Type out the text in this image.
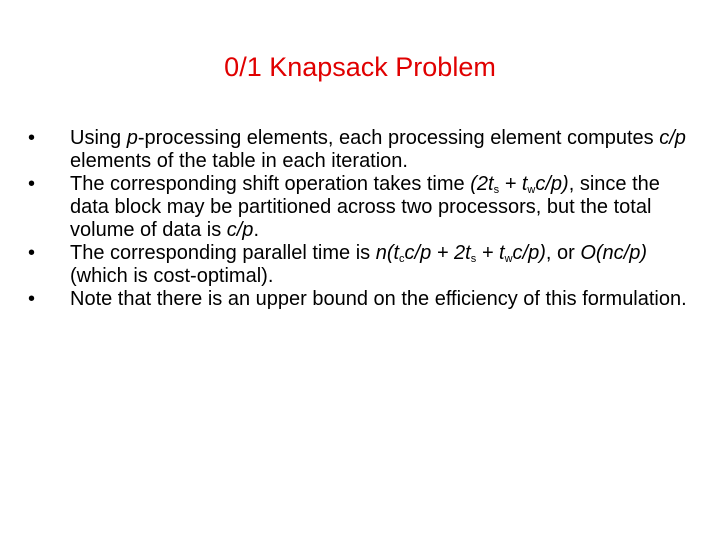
0/1 Knapsack Problem
• Using p-processing elements, each processing element computes c/p elements of the table in each iteration.
• The corresponding shift operation takes time $(2t_s + t_wc/p)$, since the data block may be partitioned across two processors, but the total volume of data is c/p.
• The corresponding parallel time is $n(t_cc/p + 2t_s + t_wc/p)$, or O(nc/p) (which is cost-optimal).
• Note that there is an upper bound on the efficiency of this formulation.
